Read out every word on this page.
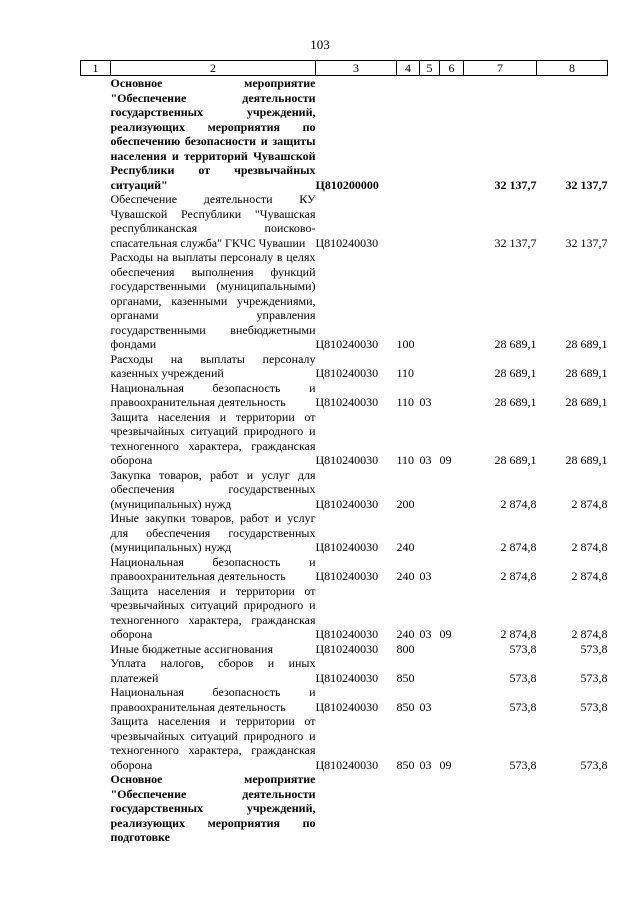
103
1	2	3	4	5	6	7	8
	Основное мероприятие "Обеспечение деятельности государственных учреждений, реализующих мероприятия по обеспечению безопасности и защиты населения и территорий Чувашской Республики от чрезвычайных ситуаций"	Ц810200000				32 137,7	32 137,7
	Обеспечение деятельности КУ Чувашской Республики "Чувашская республиканская поисково-спасательная служба" ГКЧС Чувашии	Ц810240030				32 137,7	32 137,7
	Расходы на выплаты персоналу в целях обеспечения выполнения функций государственными (муниципальными) органами, казенными учреждениями, органами управления государственными внебюджетными фондами	Ц810240030	100			28 689,1	28 689,1
	Расходы на выплаты персоналу казенных учреждений	Ц810240030	110			28 689,1	28 689,1
	Национальная безопасность и правоохранительная деятельность	Ц810240030	110	03		28 689,1	28 689,1
	Защита населения и территории от чрезвычайных ситуаций природного и техногенного характера, гражданская оборона	Ц810240030	110	03	09	28 689,1	28 689,1
	Закупка товаров, работ и услуг для обеспечения государственных (муниципальных) нужд	Ц810240030	200			2 874,8	2 874,8
	Иные закупки товаров, работ и услуг для обеспечения государственных (муниципальных) нужд	Ц810240030	240			2 874,8	2 874,8
	Национальная безопасность и правоохранительная деятельность	Ц810240030	240	03		2 874,8	2 874,8
	Защита населения и территории от чрезвычайных ситуаций природного и техногенного характера, гражданская оборона	Ц810240030	240	03	09	2 874,8	2 874,8
	Иные бюджетные ассигнования	Ц810240030	800			573,8	573,8
	Уплата налогов, сборов и иных платежей	Ц810240030	850			573,8	573,8
	Национальная безопасность и правоохранительная деятельность	Ц810240030	850	03		573,8	573,8
	Защита населения и территории от чрезвычайных ситуаций природного и техногенного характера, гражданская оборона	Ц810240030	850	03	09	573,8	573,8
	Основное мероприятие "Обеспечение деятельности государственных учреждений, реализующих мероприятия по подготовке						
